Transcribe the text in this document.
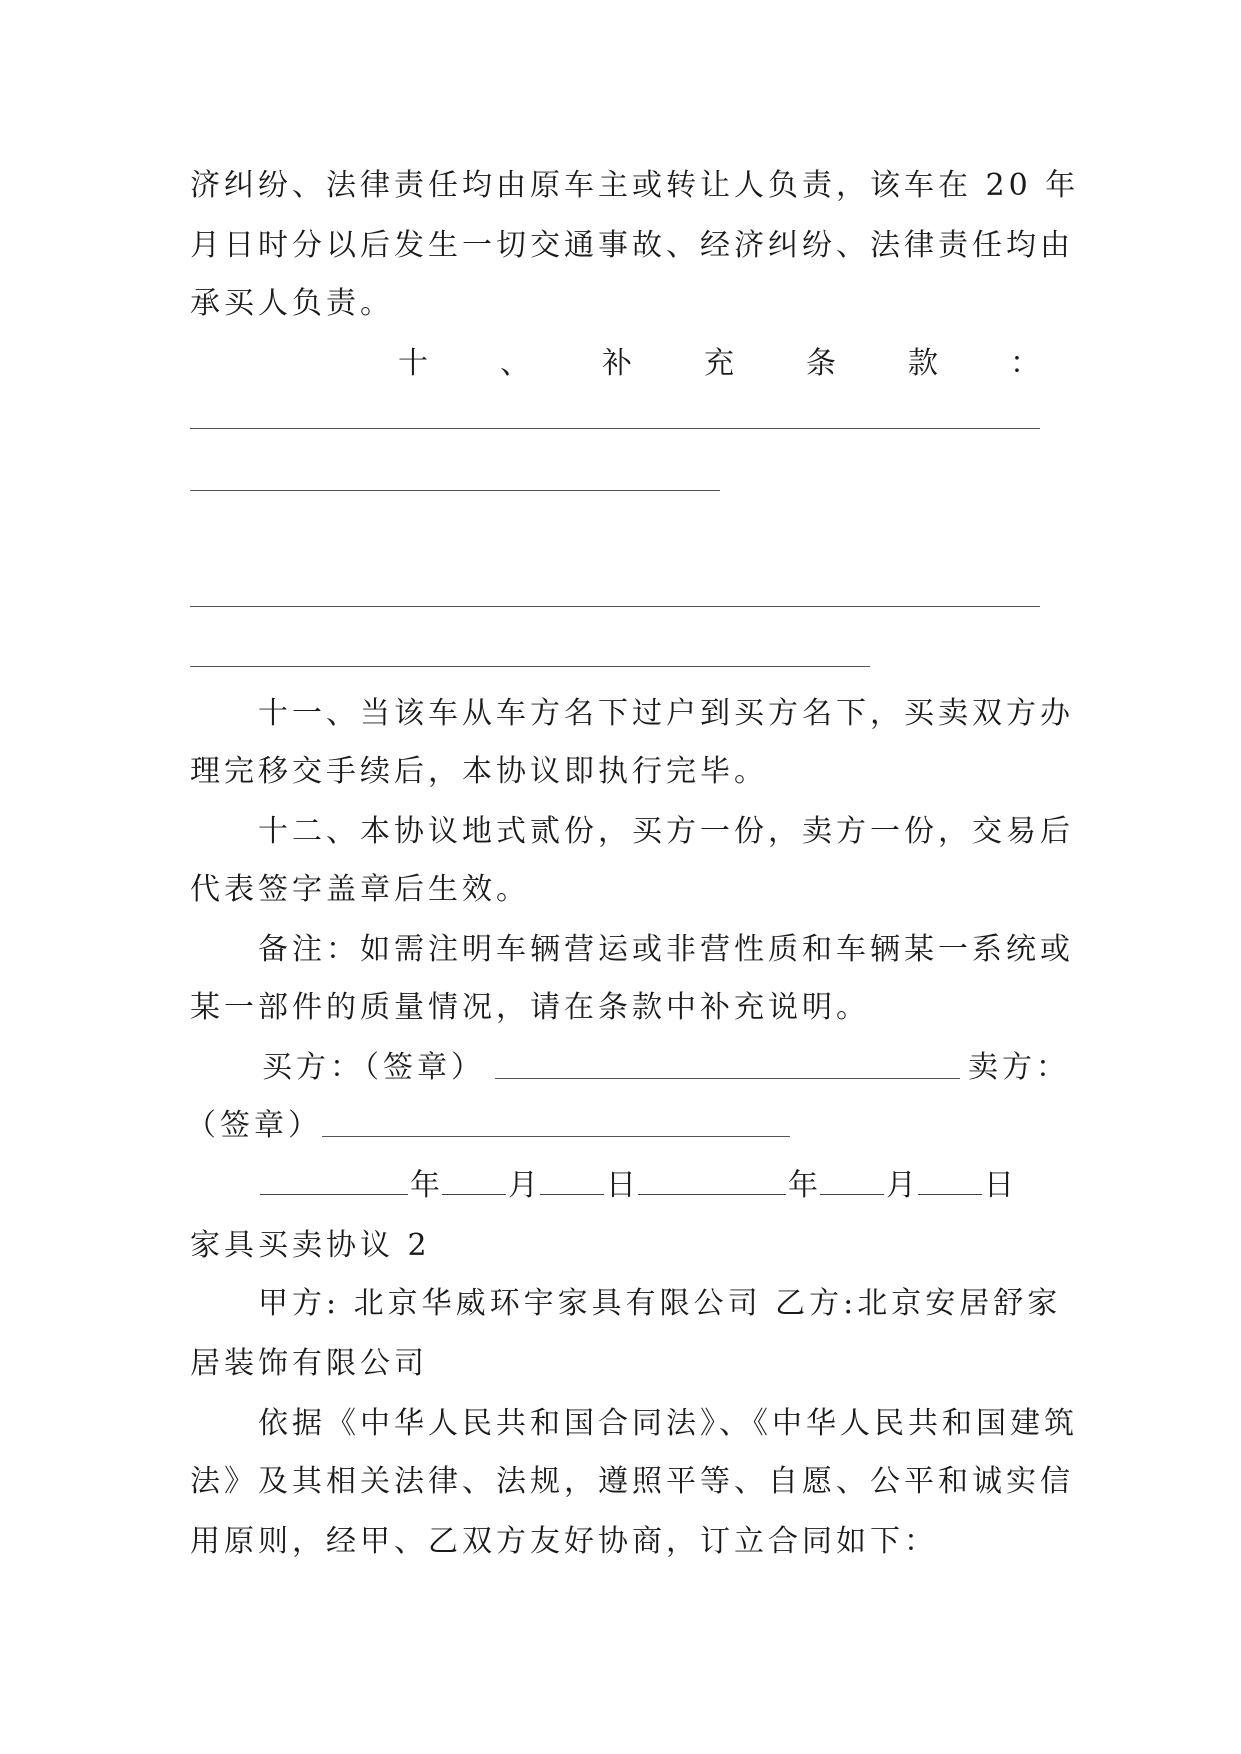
济纠纷、法律责任均由原车主或转让人负责，该车在 20 年
月日时分以后发生一切交通事故、经济纠纷、法律责任均由
承买人负责。
十 、 补 充 条 款 ：
十一、当该车从车方名下过户到买方名下，买卖双方办
理完移交手续后，本协议即执行完毕。
十二、本协议地式贰份，买方一份，卖方一份，交易后
代表签字盖章后生效。
备注：如需注明车辆营运或非营性质和车辆某一系统或
某一部件的质量情况，请在条款中补充说明。
买方：（签章）	卖方：
（签章）
年 月 日	年 月 日
家具买卖协议 2
甲方: 北京华威环宇家具有限公司 乙方:北京安居舒家
居装饰有限公司
依据《中华人民共和国合同法》、《中华人民共和国建筑
法》及其相关法律、法规，遵照平等、自愿、公平和诚实信
用原则，经甲、乙双方友好协商，订立合同如下：
